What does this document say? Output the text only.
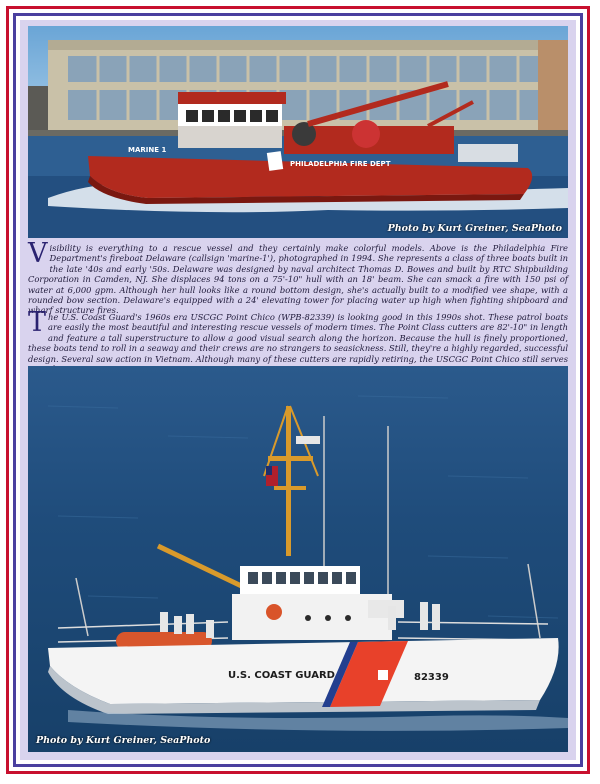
MARINE 1
PHILADELPHIA FIRE DEPT
Photo by Kurt Greiner, SeaPhoto
Visibility is everything to a rescue vessel and they certainly make colorful models. Above is the Philadelphia Fire Department's fireboat Delaware (callsign 'marine-1'), photographed in 1994. She represents a class of three boats built in the late '40s and early '50s. Delaware was designed by naval architect Thomas D. Bowes and built by RTC Shipbuilding Corporation in Camden, NJ. She displaces 94 tons on a 75'-10" hull with an 18' beam. She can smack a fire with 150 psi of water at 6,000 gpm. Although her hull looks like a round bottom design, she's actually built to a modified vee shape, with a rounded bow section. Delaware's equipped with a 24' elevating tower for placing water up high when fighting shipboard and wharf structure fires.
The U.S. Coast Guard's 1960s era USCGC Point Chico (WPB-82339) is looking good in this 1990s shot. These patrol boats are easily the most beautiful and interesting rescue vessels of modern times. The Point Class cutters are 82'-10" in length and feature a tall superstructure to allow a good visual search along the horizon. Because the hull is finely proportioned, these boats tend to roll in a seaway and their crews are no strangers to seasickness. Still, they're a highly regarded, successful design. Several saw action in Vietnam. Although many of these cutters are rapidly retiring, the USCGC Point Chico still serves
U.S. COAST GUARD	82339
Photo by Kurt Greiner, SeaPhoto
